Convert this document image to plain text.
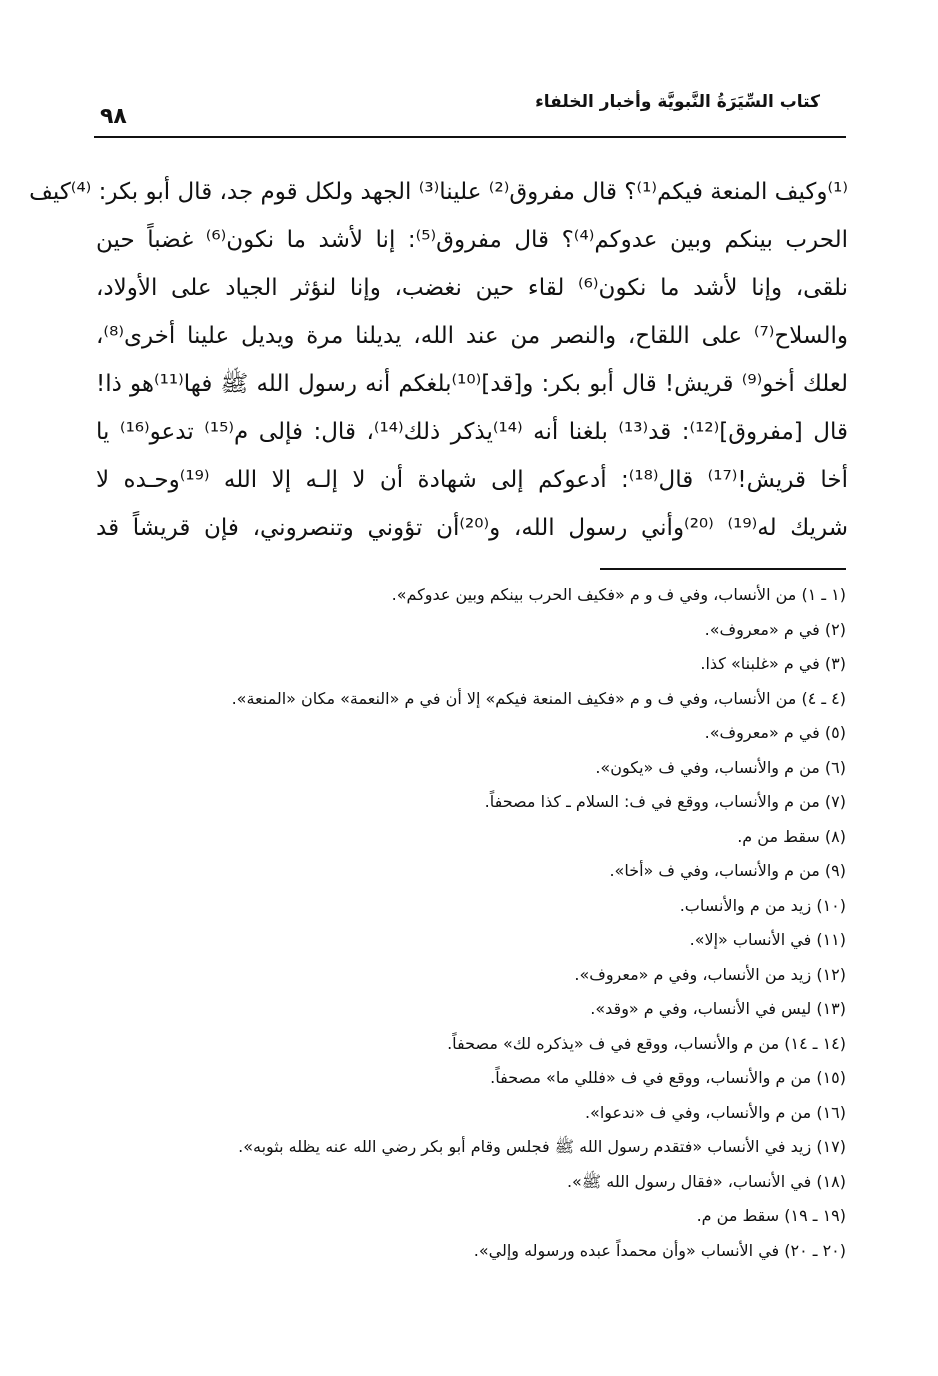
كتاب السِّيَرَةُ النَّبويَّة وأخبار الخلفاء
٩٨
⁽¹⁾وكيف المنعة فيكم⁽¹⁾؟ قال مفروق⁽²⁾ علينا⁽³⁾ الجهد ولكل قوم جد، قال أبو بكر: ⁽⁴⁾كيف
الحرب بينكم وبين عدوكم⁽⁴⁾؟ قال مفروق⁽⁵⁾: إنا لأشد ما نكون⁽⁶⁾ غضباً حين
نلقى، وإنا لأشد ما نكون⁽⁶⁾ لقاء حين نغضب، وإنا لنؤثر الجياد على الأولاد،
والسلاح⁽⁷⁾ على اللقاح، والنصر من عند الله، يديلنا مرة ويديل علينا أخرى⁽⁸⁾،
لعلك أخو⁽⁹⁾ قريش! قال أبو بكر: و[قد]⁽¹⁰⁾بلغكم أنه رسول الله ﷺ فها⁽¹¹⁾هو ذا!
قال [مفروق]⁽¹²⁾: قد⁽¹³⁾ بلغنا أنه ⁽¹⁴⁾يذكر ذلك⁽¹⁴⁾، قال: فإلى م⁽¹⁵⁾ تدعو⁽¹⁶⁾ يا
أخا قريش!⁽¹⁷⁾ قال⁽¹⁸⁾: أدعوكم إلى شهادة أن لا إلـه إلا الله ⁽¹⁹⁾وحـده لا
شريك له⁽¹⁹⁾ ⁽²⁰⁾وأني رسول الله، و⁽²⁰⁾أن تؤوني وتنصروني، فإن قريشاً قد
(١ ـ ١) من الأنساب، وفي ف و م «فكيف الحرب بينكم وبين عدوكم».
(٢) في م «معروف».
(٣) في م «غلبنا» كذا.
(٤ ـ ٤) من الأنساب، وفي ف و م «فكيف المنعة فيكم» إلا أن في م «النعمة» مكان «المنعة».
(٥) في م «معروف».
(٦) من م والأنساب، وفي ف «يكون».
(٧) من م والأنساب، ووقع في ف: السلام ـ كذا مصحفاً.
(٨) سقط من م.
(٩) من م والأنساب، وفي ف «أخا».
(١٠) زيد من م والأنساب.
(١١) في الأنساب «إلا».
(١٢) زيد من الأنساب، وفي م «معروف».
(١٣) ليس في الأنساب، وفي م «وقد».
(١٤ ـ ١٤) من م والأنساب، ووقع في ف «يذكره لك» مصحفاً.
(١٥) من م والأنساب، ووقع في ف «فللي ما» مصحفاً.
(١٦) من م والأنساب، وفي ف «ندعوا».
(١٧) زيد في الأنساب «فتقدم رسول الله ﷺ فجلس وقام أبو بكر رضي الله عنه يظله بثوبه».
(١٨) في الأنساب، «فقال رسول الله ﷺ».
(١٩ ـ ١٩) سقط من م.
(٢٠ ـ ٢٠) في الأنساب «وأن محمداً عبده ورسوله وإلي».
